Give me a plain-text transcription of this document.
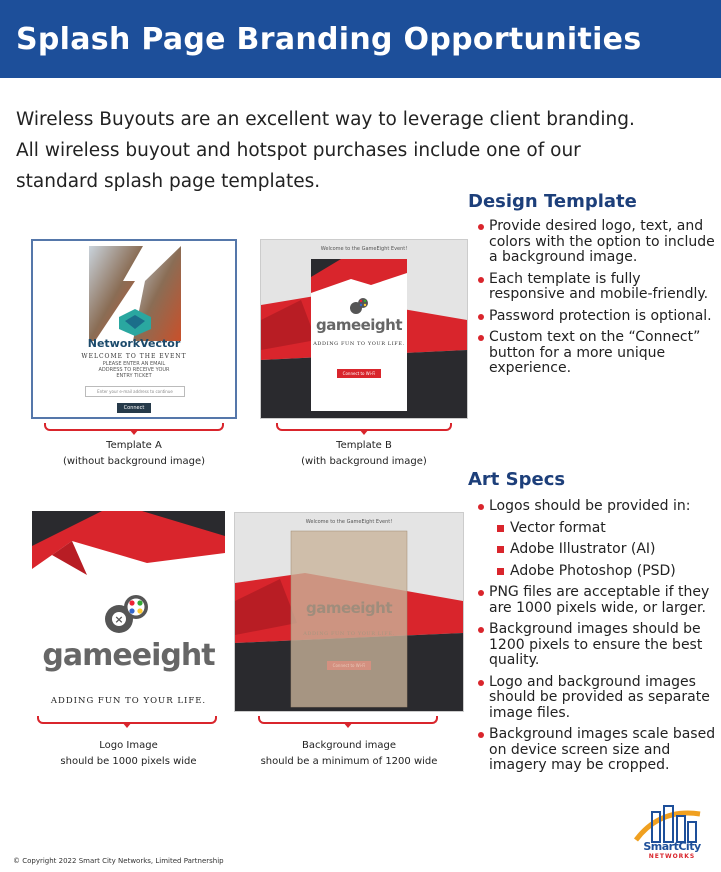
Splash Page Branding Opportunities
Wireless Buyouts are an excellent way to leverage client branding.
All wireless buyout and hotspot purchases include one of our
standard splash page templates.
Design Template
Provide desired logo, text, and colors with the option to include a background image.
Each template is fully responsive and mobile-friendly.
Password protection is optional.
Custom text on the “Connect” button for a more unique experience.
Art Specs
Logos should be provided in:
Vector format
Adobe Illustrator (AI)
Adobe Photoshop (PSD)
PNG files are acceptable if they are 1000 pixels wide, or larger.
Background images should be 1200 pixels to ensure the best quality.
Logo and background images should be provided as separate image files.
Background images scale based on device screen size and imagery may be cropped.
NetworkVector
WELCOME TO THE EVENT
PLEASE ENTER AN EMAIL ADDRESS TO RECEIVE YOUR ENTRY TICKET
Enter your e-mail address to continue
Connect
Template A
(without background image)
Welcome to the GameEight Event!
gameeight
ADDING FUN TO YOUR LIFE.
Connect to Wi-Fi
Template B
(with background image)
×
gameeight
ADDING FUN TO YOUR LIFE.
Logo Image
should be 1000 pixels wide
Welcome to the GameEight Event!
gameeight
ADDING FUN TO YOUR LIFE.
Connect to Wi-Fi
Background image
should be a minimum of 1200 wide
© Copyright 2022 Smart City Networks, Limited Partnership
SmartCity
NETWORKS
